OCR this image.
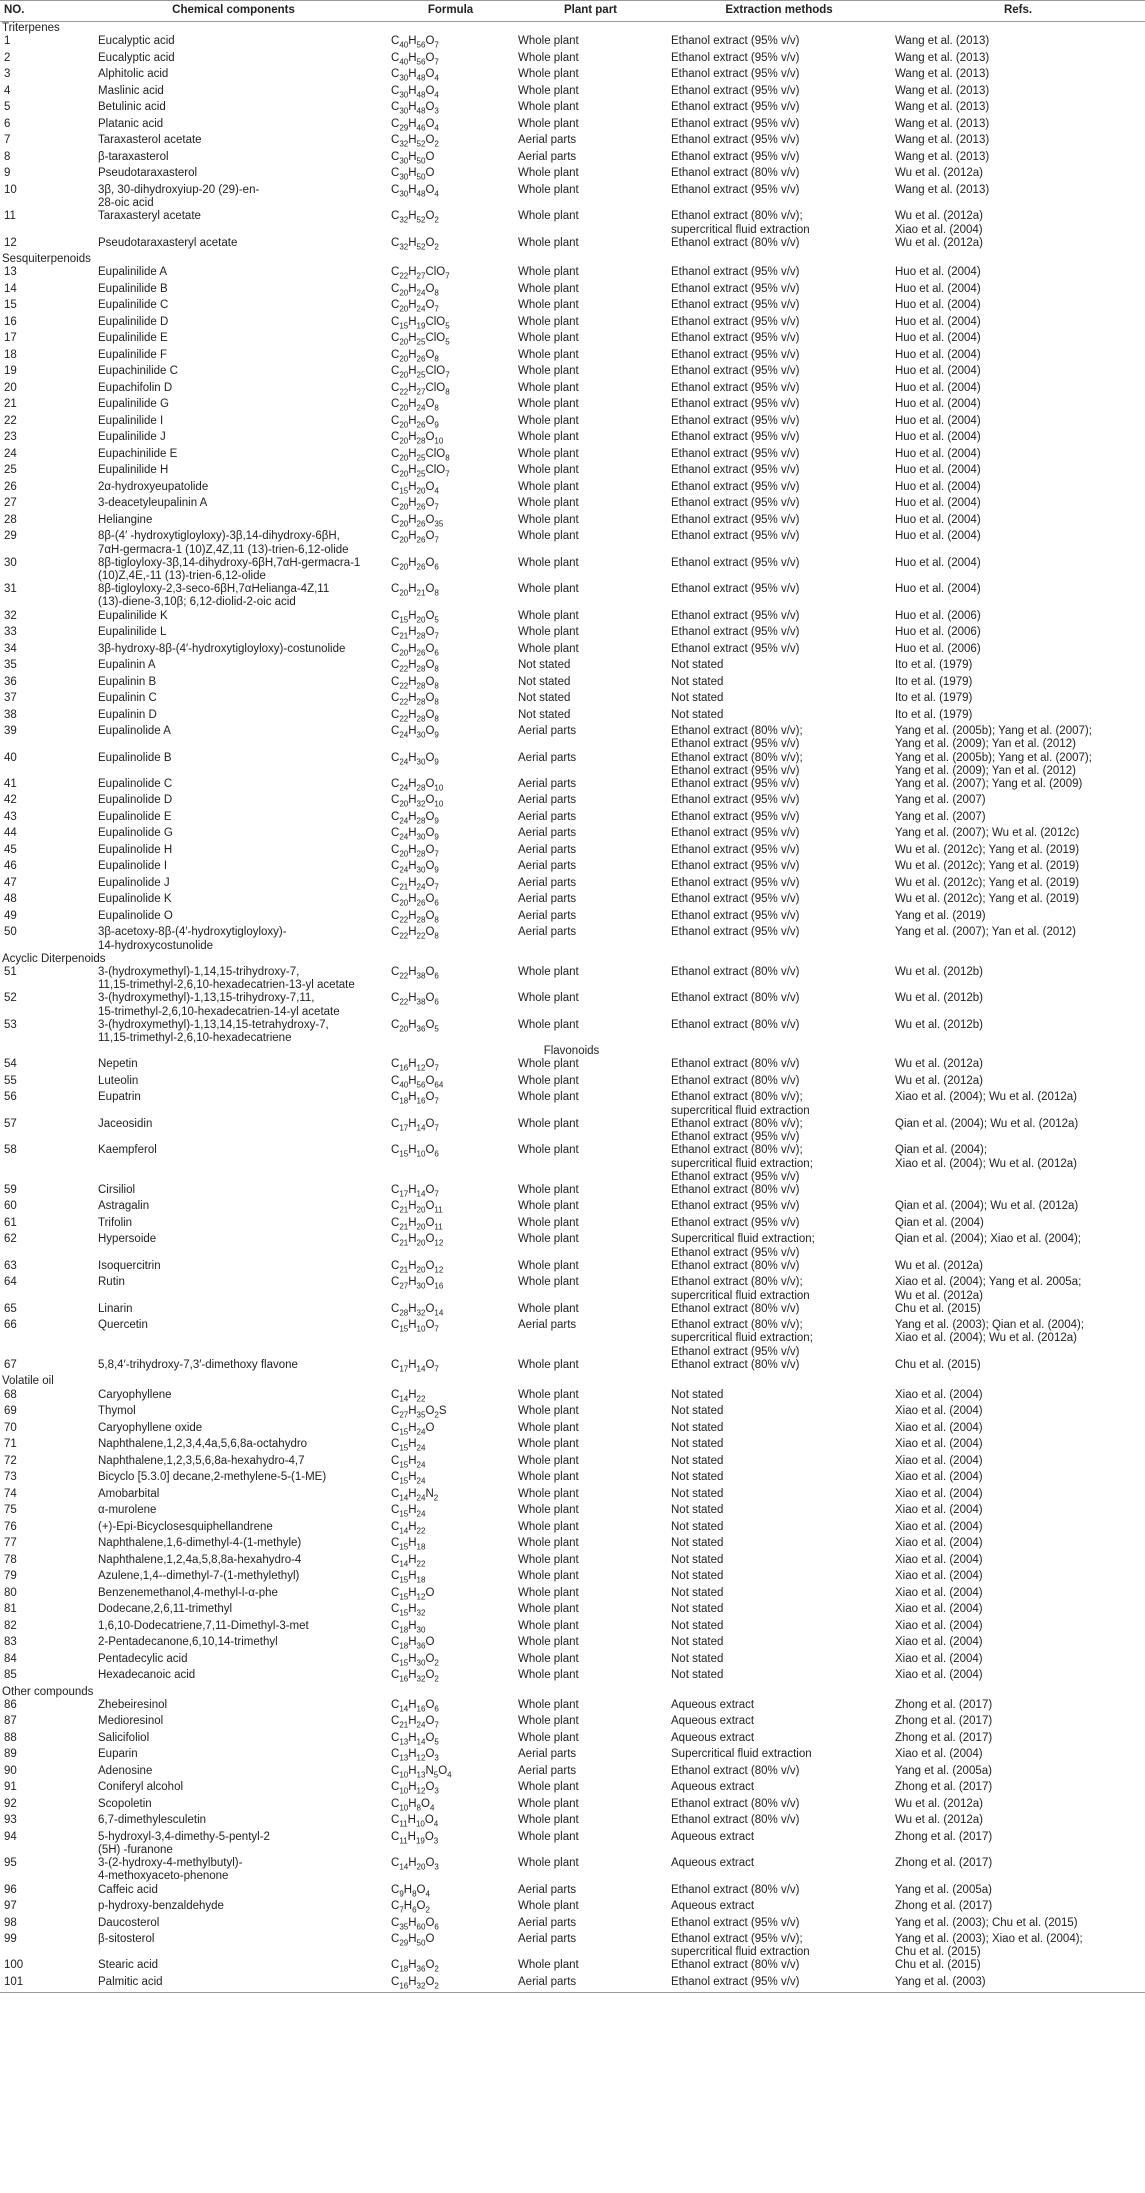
NO.	Chemical components	Formula	Plant part	Extraction methods	Refs.
Triterpenes					
1	Eucalyptic acid	$C_{40}H_{56}O_7$	Whole plant	Ethanol extract (95% v/v)	Wang et al. (2013)
2	Eucalyptic acid	$C_{40}H_{56}O_7$	Whole plant	Ethanol extract (95% v/v)	Wang et al. (2013)
3	Alphitolic acid	$C_{30}H_{48}O_4$	Whole plant	Ethanol extract (95% v/v)	Wang et al. (2013)
4	Maslinic acid	$C_{30}H_{48}O_4$	Whole plant	Ethanol extract (95% v/v)	Wang et al. (2013)
5	Betulinic acid	$C_{30}H_{48}O_3$	Whole plant	Ethanol extract (95% v/v)	Wang et al. (2013)
6	Platanic acid	$C_{29}H_{46}O_4$	Whole plant	Ethanol extract (95% v/v)	Wang et al. (2013)
7	Taraxasterol acetate	$C_{32}H_{52}O_2$	Aerial parts	Ethanol extract (95% v/v)	Wang et al. (2013)
8	β-taraxasterol	$C_{30}H_{50}O$	Aerial parts	Ethanol extract (95% v/v)	Wang et al. (2013)
9	Pseudotaraxasterol	$C_{30}H_{50}O$	Whole plant	Ethanol extract (80% v/v)	Wu et al. (2012a)
10	3β, 30-dihydroxyiup-20 (29)-en-
28-oic acid	$C_{30}H_{48}O_4$	Whole plant	Ethanol extract (95% v/v)	Wang et al. (2013)
11	Taraxasteryl acetate	$C_{32}H_{52}O_2$	Whole plant	Ethanol extract (80% v/v);
supercritical fluid extraction	Wu et al. (2012a)
Xiao et al. (2004)
12	Pseudotaraxasteryl acetate	$C_{32}H_{52}O_2$	Whole plant	Ethanol extract (80% v/v)	Wu et al. (2012a)
Sesquiterpenoids					
13	Eupalinilide A	$C_{22}H_{27}ClO_7$	Whole plant	Ethanol extract (95% v/v)	Huo et al. (2004)
14	Eupalinilide B	$C_{20}H_{24}O_8$	Whole plant	Ethanol extract (95% v/v)	Huo et al. (2004)
15	Eupalinilide C	$C_{20}H_{24}O_7$	Whole plant	Ethanol extract (95% v/v)	Huo et al. (2004)
16	Eupalinilide D	$C_{15}H_{19}ClO_5$	Whole plant	Ethanol extract (95% v/v)	Huo et al. (2004)
17	Eupalinilide E	$C_{20}H_{25}ClO_5$	Whole plant	Ethanol extract (95% v/v)	Huo et al. (2004)
18	Eupalinilide F	$C_{20}H_{26}O_8$	Whole plant	Ethanol extract (95% v/v)	Huo et al. (2004)
19	Eupachinilide C	$C_{20}H_{25}ClO_7$	Whole plant	Ethanol extract (95% v/v)	Huo et al. (2004)
20	Eupachifolin D	$C_{22}H_{27}ClO_8$	Whole plant	Ethanol extract (95% v/v)	Huo et al. (2004)
21	Eupalinilide G	$C_{20}H_{24}O_8$	Whole plant	Ethanol extract (95% v/v)	Huo et al. (2004)
22	Eupalinilide I	$C_{20}H_{26}O_9$	Whole plant	Ethanol extract (95% v/v)	Huo et al. (2004)
23	Eupalinilide J	$C_{20}H_{28}O_{10}$	Whole plant	Ethanol extract (95% v/v)	Huo et al. (2004)
24	Eupachinilide E	$C_{20}H_{25}ClO_8$	Whole plant	Ethanol extract (95% v/v)	Huo et al. (2004)
25	Eupalinilide H	$C_{20}H_{25}ClO_7$	Whole plant	Ethanol extract (95% v/v)	Huo et al. (2004)
26	2α-hydroxyeupatolide	$C_{15}H_{20}O_4$	Whole plant	Ethanol extract (95% v/v)	Huo et al. (2004)
27	3-deacetyleupalinin A	$C_{20}H_{26}O_7$	Whole plant	Ethanol extract (95% v/v)	Huo et al. (2004)
28	Heliangine	$C_{20}H_{26}O_{35}$	Whole plant	Ethanol extract (95% v/v)	Huo et al. (2004)
29	8β-(4′ -hydroxytigloyloxy)-3β,14-dihydroxy-6βH,
7αH-germacra-1 (10)Z,4Z,11 (13)-trien-6,12-olide	$C_{20}H_{26}O_7$	Whole plant	Ethanol extract (95% v/v)	Huo et al. (2004)
30	8β-tigloyloxy-3β,14-dihydroxy-6βH,7αH-germacra-1
(10)Z,4E,-11 (13)-trien-6,12-olide	$C_{20}H_{26}O_6$	Whole plant	Ethanol extract (95% v/v)	Huo et al. (2004)
31	8β-tigloyloxy-2,3-seco-6βH,7αHelianga-4Z,11
(13)-diene-3,10β; 6,12-diolid-2-oic acid	$C_{20}H_{21}O_8$	Whole plant	Ethanol extract (95% v/v)	Huo et al. (2004)
32	Eupalinilide K	$C_{15}H_{20}O_5$	Whole plant	Ethanol extract (95% v/v)	Huo et al. (2006)
33	Eupalinilide L	$C_{21}H_{28}O_7$	Whole plant	Ethanol extract (95% v/v)	Huo et al. (2006)
34	3β-hydroxy-8β-(4′-hydroxytigloyloxy)-costunolide	$C_{20}H_{26}O_6$	Whole plant	Ethanol extract (95% v/v)	Huo et al. (2006)
35	Eupalinin A	$C_{22}H_{28}O_8$	Not stated	Not stated	Ito et al. (1979)
36	Eupalinin B	$C_{22}H_{28}O_8$	Not stated	Not stated	Ito et al. (1979)
37	Eupalinin C	$C_{22}H_{28}O_8$	Not stated	Not stated	Ito et al. (1979)
38	Eupalinin D	$C_{22}H_{28}O_8$	Not stated	Not stated	Ito et al. (1979)
39	Eupalinolide A	$C_{24}H_{30}O_9$	Aerial parts	Ethanol extract (80% v/v);
Ethanol extract (95% v/v)	Yang et al. (2005b); Yang et al. (2007);
Yang et al. (2009); Yan et al. (2012)
40	Eupalinolide B	$C_{24}H_{30}O_9$	Aerial parts	Ethanol extract (80% v/v);
Ethanol extract (95% v/v)	Yang et al. (2005b); Yang et al. (2007);
Yang et al. (2009); Yan et al. (2012)
41	Eupalinolide C	$C_{24}H_{28}O_{10}$	Aerial parts	Ethanol extract (95% v/v)	Yang et al. (2007); Yang et al. (2009)
42	Eupalinolide D	$C_{20}H_{32}O_{10}$	Aerial parts	Ethanol extract (95% v/v)	Yang et al. (2007)
43	Eupalinolide E	$C_{24}H_{28}O_9$	Aerial parts	Ethanol extract (95% v/v)	Yang et al. (2007)
44	Eupalinolide G	$C_{24}H_{30}O_9$	Aerial parts	Ethanol extract (95% v/v)	Yang et al. (2007); Wu et al. (2012c)
45	Eupalinolide H	$C_{20}H_{28}O_7$	Aerial parts	Ethanol extract (95% v/v)	Wu et al. (2012c); Yang et al. (2019)
46	Eupalinolide I	$C_{24}H_{30}O_9$	Aerial parts	Ethanol extract (95% v/v)	Wu et al. (2012c); Yang et al. (2019)
47	Eupalinolide J	$C_{21}H_{24}O_7$	Aerial parts	Ethanol extract (95% v/v)	Wu et al. (2012c); Yang et al. (2019)
48	Eupalinolide K	$C_{20}H_{26}O_6$	Aerial parts	Ethanol extract (95% v/v)	Wu et al. (2012c); Yang et al. (2019)
49	Eupalinolide O	$C_{22}H_{28}O_8$	Aerial parts	Ethanol extract (95% v/v)	Yang et al. (2019)
50	3β-acetoxy-8β-(4′-hydroxytigloyloxy)-
14-hydroxycostunolide	$C_{22}H_{22}O_8$	Aerial parts	Ethanol extract (95% v/v)	Yang et al. (2007); Yan et al. (2012)
Acyclic Diterpenoids					
51	3-(hydroxymethyl)-1,14,15-trihydroxy-7,
11,15-trimethyl-2,6,10-hexadecatrien-13-yl acetate	$C_{22}H_{38}O_6$	Whole plant	Ethanol extract (80% v/v)	Wu et al. (2012b)
52	3-(hydroxymethyl)-1,13,15-trihydroxy-7,11,
15-trimethyl-2,6,10-hexadecatrien-14-yl acetate	$C_{22}H_{38}O_6$	Whole plant	Ethanol extract (80% v/v)	Wu et al. (2012b)
53	3-(hydroxymethyl)-1,13,14,15-tetrahydroxy-7,
11,15-trimethyl-2,6,10-hexadecatriene	$C_{20}H_{36}O_5$	Whole plant	Ethanol extract (80% v/v)	Wu et al. (2012b)
Flavonoids					
54	Nepetin	$C_{16}H_{12}O_7$	Whole plant	Ethanol extract (80% v/v)	Wu et al. (2012a)
55	Luteolin	$C_{40}H_{56}O_{64}$	Whole plant	Ethanol extract (80% v/v)	Wu et al. (2012a)
56	Eupatrin	$C_{18}H_{16}O_7$	Whole plant	Ethanol extract (80% v/v);
supercritical fluid extraction	Xiao et al. (2004); Wu et al. (2012a)
57	Jaceosidin	$C_{17}H_{14}O_7$	Whole plant	Ethanol extract (80% v/v);
Ethanol extract (95% v/v)	Qian et al. (2004); Wu et al. (2012a)
58	Kaempferol	$C_{15}H_{10}O_6$	Whole plant	Ethanol extract (80% v/v);
supercritical fluid extraction;
Ethanol extract (95% v/v)	Qian et al. (2004);
Xiao et al. (2004); Wu et al. (2012a)
59	Cirsiliol	$C_{17}H_{14}O_7$	Whole plant	Ethanol extract (80% v/v)	
60	Astragalin	$C_{21}H_{20}O_{11}$	Whole plant	Ethanol extract (95% v/v)	Qian et al. (2004); Wu et al. (2012a)
61	Trifolin	$C_{21}H_{20}O_{11}$	Whole plant	Ethanol extract (95% v/v)	Qian et al. (2004)
62	Hypersoide	$C_{21}H_{20}O_{12}$	Whole plant	Supercritical fluid extraction;
Ethanol extract (95% v/v)	Qian et al. (2004); Xiao et al. (2004);
63	Isoquercitrin	$C_{21}H_{20}O_{12}$	Whole plant	Ethanol extract (80% v/v)	Wu et al. (2012a)
64	Rutin	$C_{27}H_{30}O_{16}$	Whole plant	Ethanol extract (80% v/v);
supercritical fluid extraction	Xiao et al. (2004); Yang et al. 2005a;
Wu et al. (2012a)
65	Linarin	$C_{28}H_{32}O_{14}$	Whole plant	Ethanol extract (80% v/v)	Chu et al. (2015)
66	Quercetin	$C_{15}H_{10}O_7$	Aerial parts	Ethanol extract (80% v/v);
supercritical fluid extraction;
Ethanol extract (95% v/v)	Yang et al. (2003); Qian et al. (2004);
Xiao et al. (2004); Wu et al. (2012a)
67	5,8,4′-trihydroxy-7,3′-dimethoxy flavone	$C_{17}H_{14}O_7$	Whole plant	Ethanol extract (80% v/v)	Chu et al. (2015)
Volatile oil					
68	Caryophyllene	$C_{14}H_{22}$	Whole plant	Not stated	Xiao et al. (2004)
69	Thymol	$C_{27}H_{35}O_2S$	Whole plant	Not stated	Xiao et al. (2004)
70	Caryophyllene oxide	$C_{15}H_{24}O$	Whole plant	Not stated	Xiao et al. (2004)
71	Naphthalene,1,2,3,4,4a,5,6,8a-octahydro	$C_{15}H_{24}$	Whole plant	Not stated	Xiao et al. (2004)
72	Naphthalene,1,2,3,5,6,8a-hexahydro-4,7	$C_{15}H_{24}$	Whole plant	Not stated	Xiao et al. (2004)
73	Bicyclo [5.3.0] decane,2-methylene-5-(1-ME)	$C_{15}H_{24}$	Whole plant	Not stated	Xiao et al. (2004)
74	Amobarbital	$C_{14}H_{24}N_2$	Whole plant	Not stated	Xiao et al. (2004)
75	α-murolene	$C_{15}H_{24}$	Whole plant	Not stated	Xiao et al. (2004)
76	(+)-Epi-Bicyclosesquiphellandrene	$C_{14}H_{22}$	Whole plant	Not stated	Xiao et al. (2004)
77	Naphthalene,1,6-dimethyl-4-(1-methyle)	$C_{15}H_{18}$	Whole plant	Not stated	Xiao et al. (2004)
78	Naphthalene,1,2,4a,5,8,8a-hexahydro-4	$C_{14}H_{22}$	Whole plant	Not stated	Xiao et al. (2004)
79	Azulene,1,4--dimethyl-7-(1-methylethyl)	$C_{15}H_{18}$	Whole plant	Not stated	Xiao et al. (2004)
80	Benzenemethanol,4-methyl-l-α-phe	$C_{15}H_{12}O$	Whole plant	Not stated	Xiao et al. (2004)
81	Dodecane,2,6,11-trimethyl	$C_{15}H_{32}$	Whole plant	Not stated	Xiao et al. (2004)
82	1,6,10-Dodecatriene,7,11-Dimethyl-3-met	$C_{18}H_{30}$	Whole plant	Not stated	Xiao et al. (2004)
83	2-Pentadecanone,6,10,14-trimethyl	$C_{18}H_{36}O$	Whole plant	Not stated	Xiao et al. (2004)
84	Pentadecylic acid	$C_{15}H_{30}O_2$	Whole plant	Not stated	Xiao et al. (2004)
85	Hexadecanoic acid	$C_{16}H_{32}O_2$	Whole plant	Not stated	Xiao et al. (2004)
Other compounds					
86	Zhebeiresinol	$C_{14}H_{16}O_6$	Whole plant	Aqueous extract	Zhong et al. (2017)
87	Medioresinol	$C_{21}H_{24}O_7$	Whole plant	Aqueous extract	Zhong et al. (2017)
88	Salicifoliol	$C_{13}H_{14}O_5$	Whole plant	Aqueous extract	Zhong et al. (2017)
89	Euparin	$C_{13}H_{12}O_3$	Aerial parts	Supercritical fluid extraction	Xiao et al. (2004)
90	Adenosine	$C_{10}H_{13}N_5O_4$	Aerial parts	Ethanol extract (80% v/v)	Yang et al. (2005a)
91	Coniferyl alcohol	$C_{10}H_{12}O_3$	Whole plant	Aqueous extract	Zhong et al. (2017)
92	Scopoletin	$C_{10}H_8O_4$	Whole plant	Ethanol extract (80% v/v)	Wu et al. (2012a)
93	6,7-dimethylesculetin	$C_{11}H_{10}O_4$	Whole plant	Ethanol extract (80% v/v)	Wu et al. (2012a)
94	5-hydroxyl-3,4-dimethy-5-pentyl-2
(5H) -furanone	$C_{11}H_{19}O_3$	Whole plant	Aqueous extract	Zhong et al. (2017)
95	3-(2-hydroxy-4-methylbutyl)-
4-methoxyaceto-phenone	$C_{14}H_{20}O_3$	Whole plant	Aqueous extract	Zhong et al. (2017)
96	Caffeic acid	$C_9H_8O_4$	Aerial parts	Ethanol extract (80% v/v)	Yang et al. (2005a)
97	p-hydroxy-benzaldehyde	$C_7H_6O_2$	Whole plant	Aqueous extract	Zhong et al. (2017)
98	Daucosterol	$C_{35}H_{60}O_6$	Aerial parts	Ethanol extract (95% v/v)	Yang et al. (2003); Chu et al. (2015)
99	β-sitosterol	$C_{29}H_{50}O$	Aerial parts	Ethanol extract (95% v/v);
supercritical fluid extraction	Yang et al. (2003); Xiao et al. (2004);
Chu et al. (2015)
100	Stearic acid	$C_{18}H_{36}O_2$	Whole plant	Ethanol extract (80% v/v)	Chu et al. (2015)
101	Palmitic acid	$C_{16}H_{32}O_2$	Aerial parts	Ethanol extract (95% v/v)	Yang et al. (2003)
